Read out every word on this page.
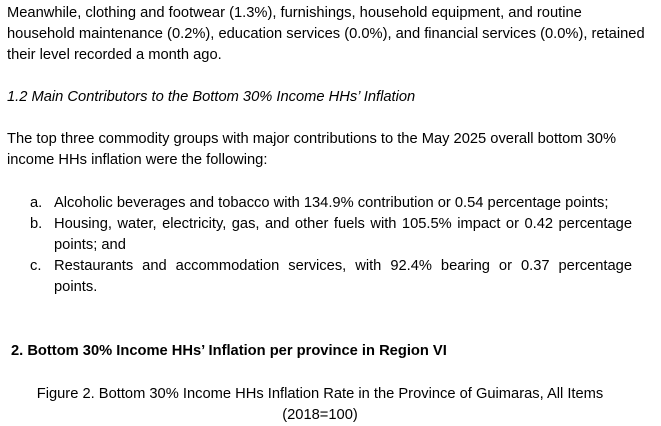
Meanwhile, clothing and footwear (1.3%), furnishings, household equipment, and routine household maintenance (0.2%), education services (0.0%), and financial services (0.0%), retained their level recorded a month ago.

1.2 Main Contributors to the Bottom 30% Income HHs’ Inflation

The top three commodity groups with major contributions to the May 2025 overall bottom 30% income HHs inflation were the following:

a. Alcoholic beverages and tobacco with 134.9% contribution or 0.54 percentage points;
b. Housing, water, electricity, gas, and other fuels with 105.5% impact or 0.42 percentage points; and
c. Restaurants and accommodation services, with 92.4% bearing or 0.37 percentage points.

2. Bottom 30% Income HHs’ Inflation per province in Region VI

Figure 2. Bottom 30% Income HHs Inflation Rate in the Province of Guimaras, All Items (2018=100)
